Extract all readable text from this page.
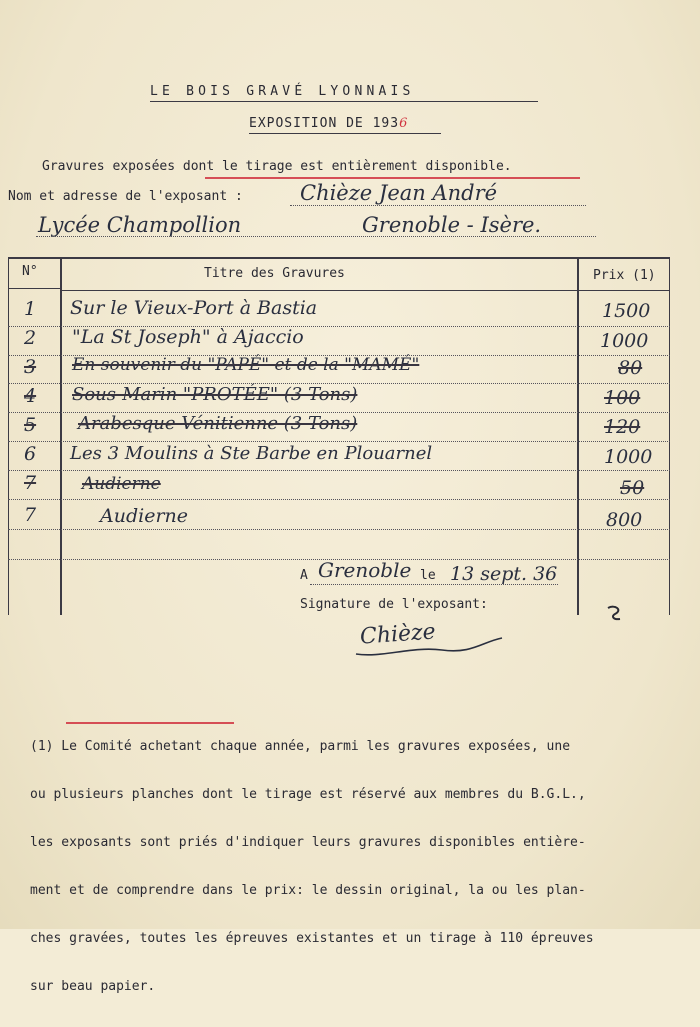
LE BOIS GRAVÉ LYONNAIS
EXPOSITION DE 1936
Gravures exposées dont le tirage est entièrement disponible.
Nom et adresse de l'exposant :	Chièze Jean André
Lycée Champollion	Grenoble - Isère.
N°	Titre des Gravures	Prix (1)
1 Sur le Vieux-Port à Bastia	1500
2 "La St Joseph" à Ajaccio	1000
3 En souvenir du "PAPÉ" et de la "MAMÉ"	80
4 Sous-Marin "PROTÉE" (3 Tons)	100
5 Arabesque Vénitienne (3 Tons)	120
6 Les 3 Moulins à Ste Barbe en Plouarnel	1000
7	Audierne	50
7	Audierne	800
A Grenoble le 13 sept. 36
Signature de l'exposant:
Chièze

(1) Le Comité achetant chaque année, parmi les gravures exposées, une

ou plusieurs planches dont le tirage est réservé aux membres du B.G.L.,

les exposants sont priés d'indiquer leurs gravures disponibles entière-

ment et de comprendre dans le prix: le dessin original, la ou les plan-

ches gravées, toutes les épreuves existantes et un tirage à 110 épreuves

sur beau papier.
